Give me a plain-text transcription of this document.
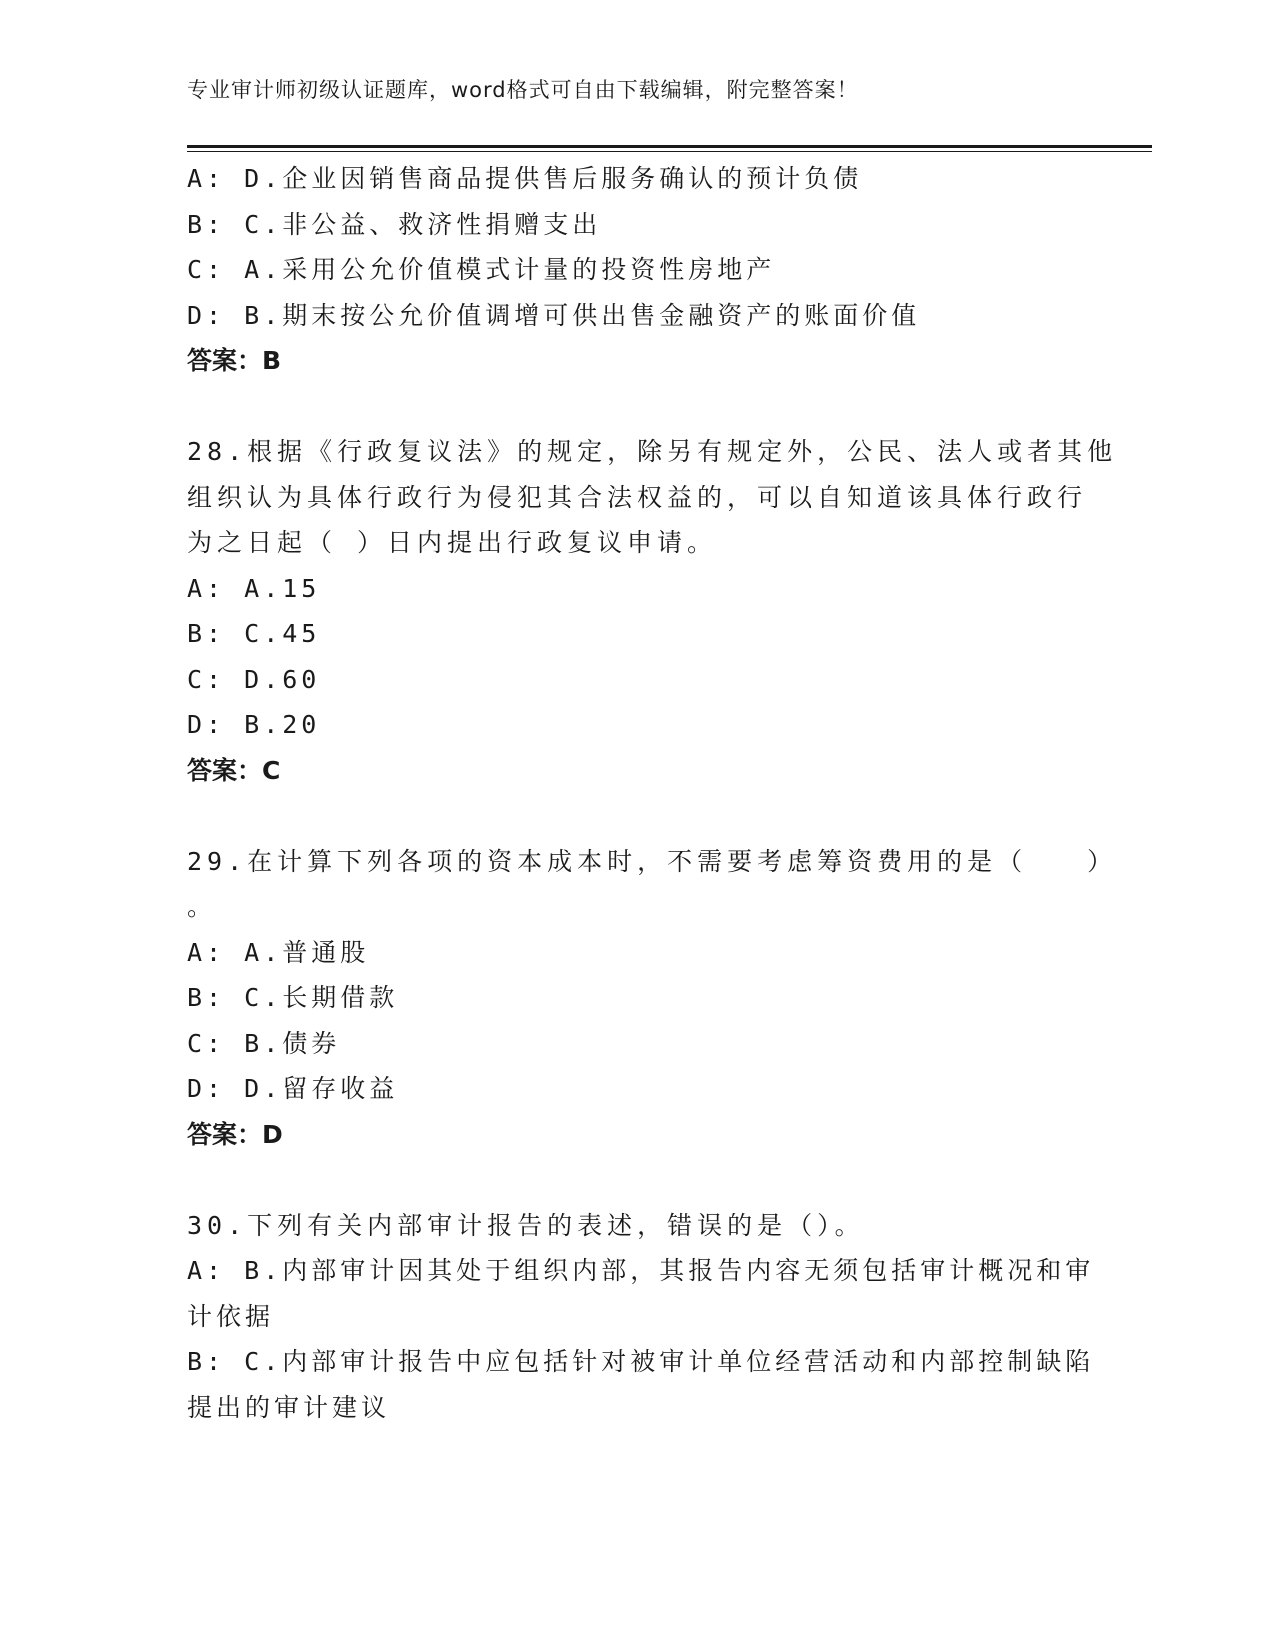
专业审计师初级认证题库，word格式可自由下载编辑，附完整答案！
A: D.企业因销售商品提供售后服务确认的预计负债
B: C.非公益、救济性捐赠支出
C: A.采用公允价值模式计量的投资性房地产
D: B.期末按公允价值调增可供出售金融资产的账面价值
答案：B
28.根据《行政复议法》的规定，除另有规定外，公民、法人或者其他
组织认为具体行政行为侵犯其合法权益的，可以自知道该具体行政行
为之日起（ ）日内提出行政复议申请。
A: A.15
B: C.45
C: D.60
D: B.20
答案：C
29.在计算下列各项的资本成本时，不需要考虑筹资费用的是（　　）
。
A: A.普通股
B: C.长期借款
C: B.债券
D: D.留存收益
答案：D
30.下列有关内部审计报告的表述，错误的是（）。
A: B.内部审计因其处于组织内部，其报告内容无须包括审计概况和审
计依据
B: C.内部审计报告中应包括针对被审计单位经营活动和内部控制缺陷
提出的审计建议
